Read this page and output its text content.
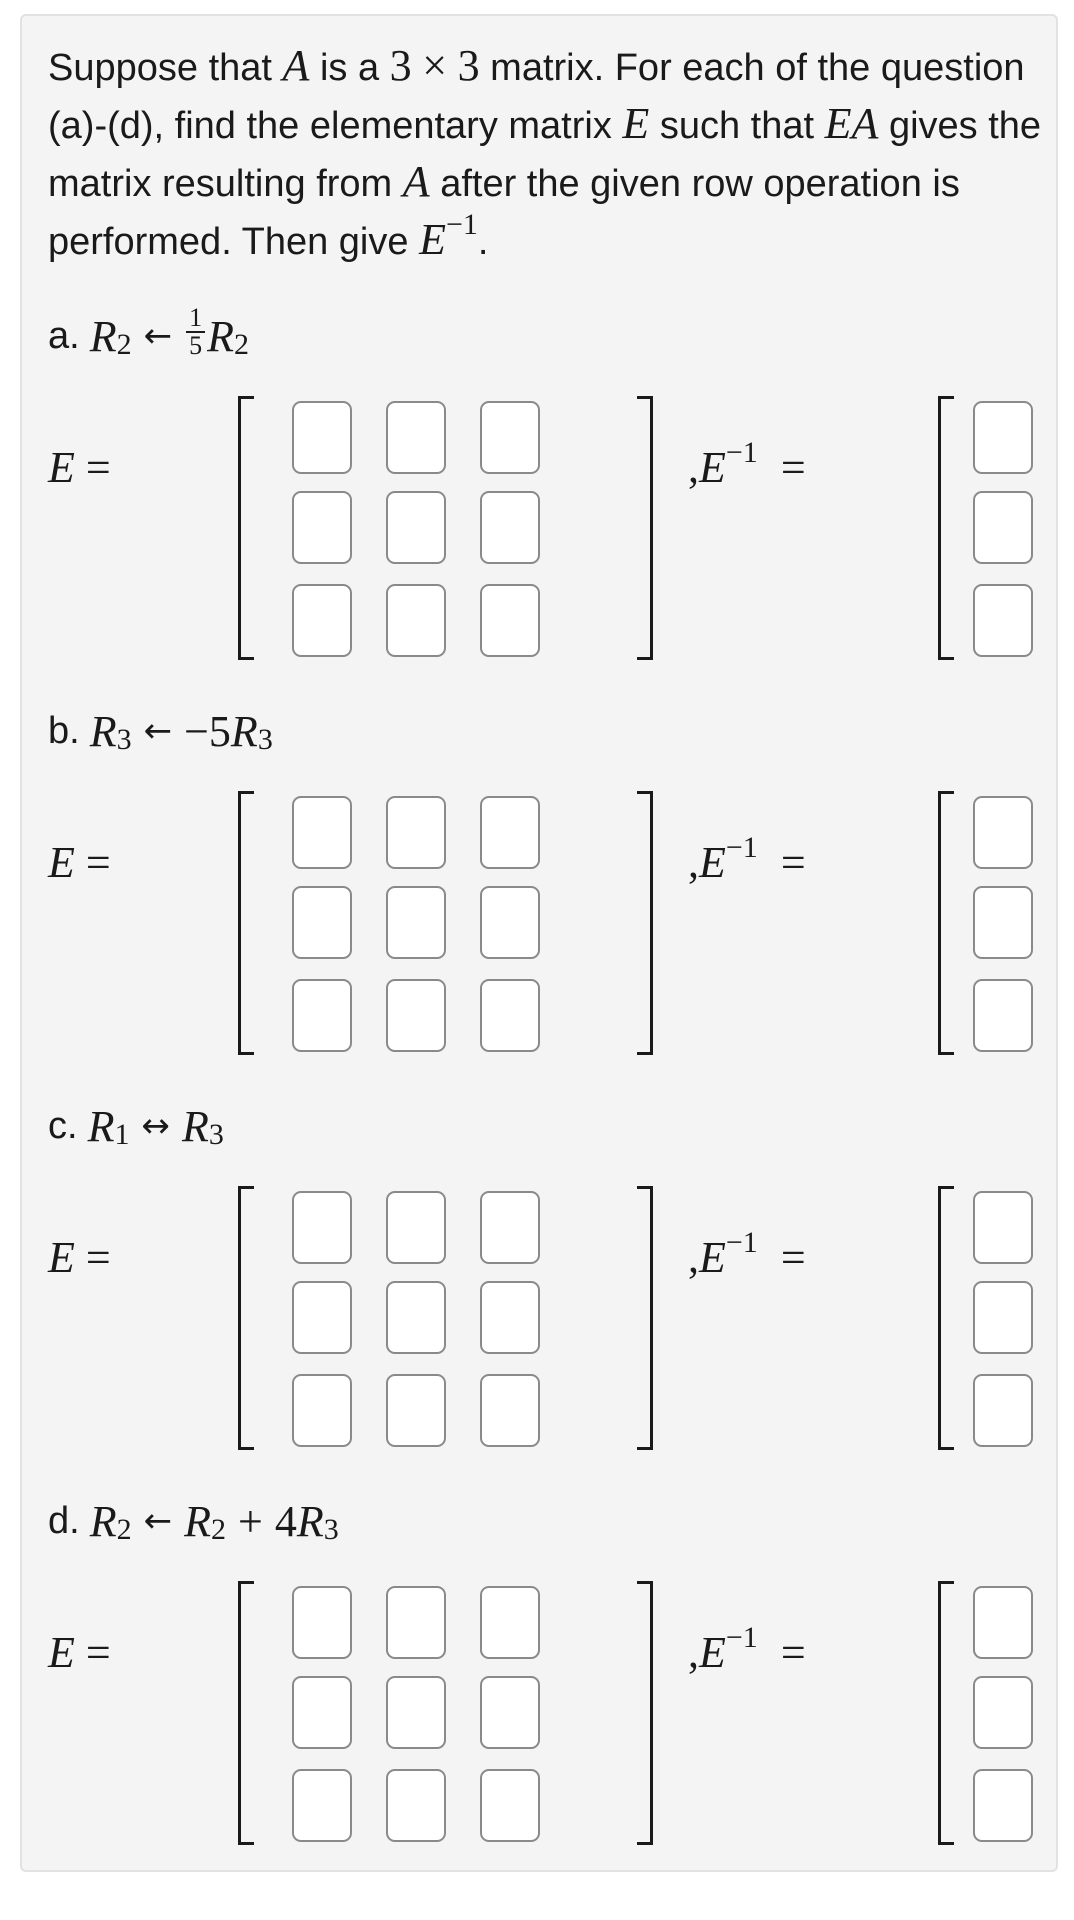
Suppose that A is a 3 × 3 matrix. For each of the question (a)-(d), find the elementary matrix E such that EA gives the matrix resulting from A after the given row operation is performed. Then give $E^{-1}$.

a. R 2 ← $\frac{1}{5}$ R 2
E =	$,E^{-1}$ =
b. R 3 ← −5 R 3
E =	$,E^{-1}$ =
c. R 1 ↔ R 3
E =	$,E^{-1}$ =
d. R 2 ← R 2 + 4 R 3
E =	$,E^{-1}$ =
